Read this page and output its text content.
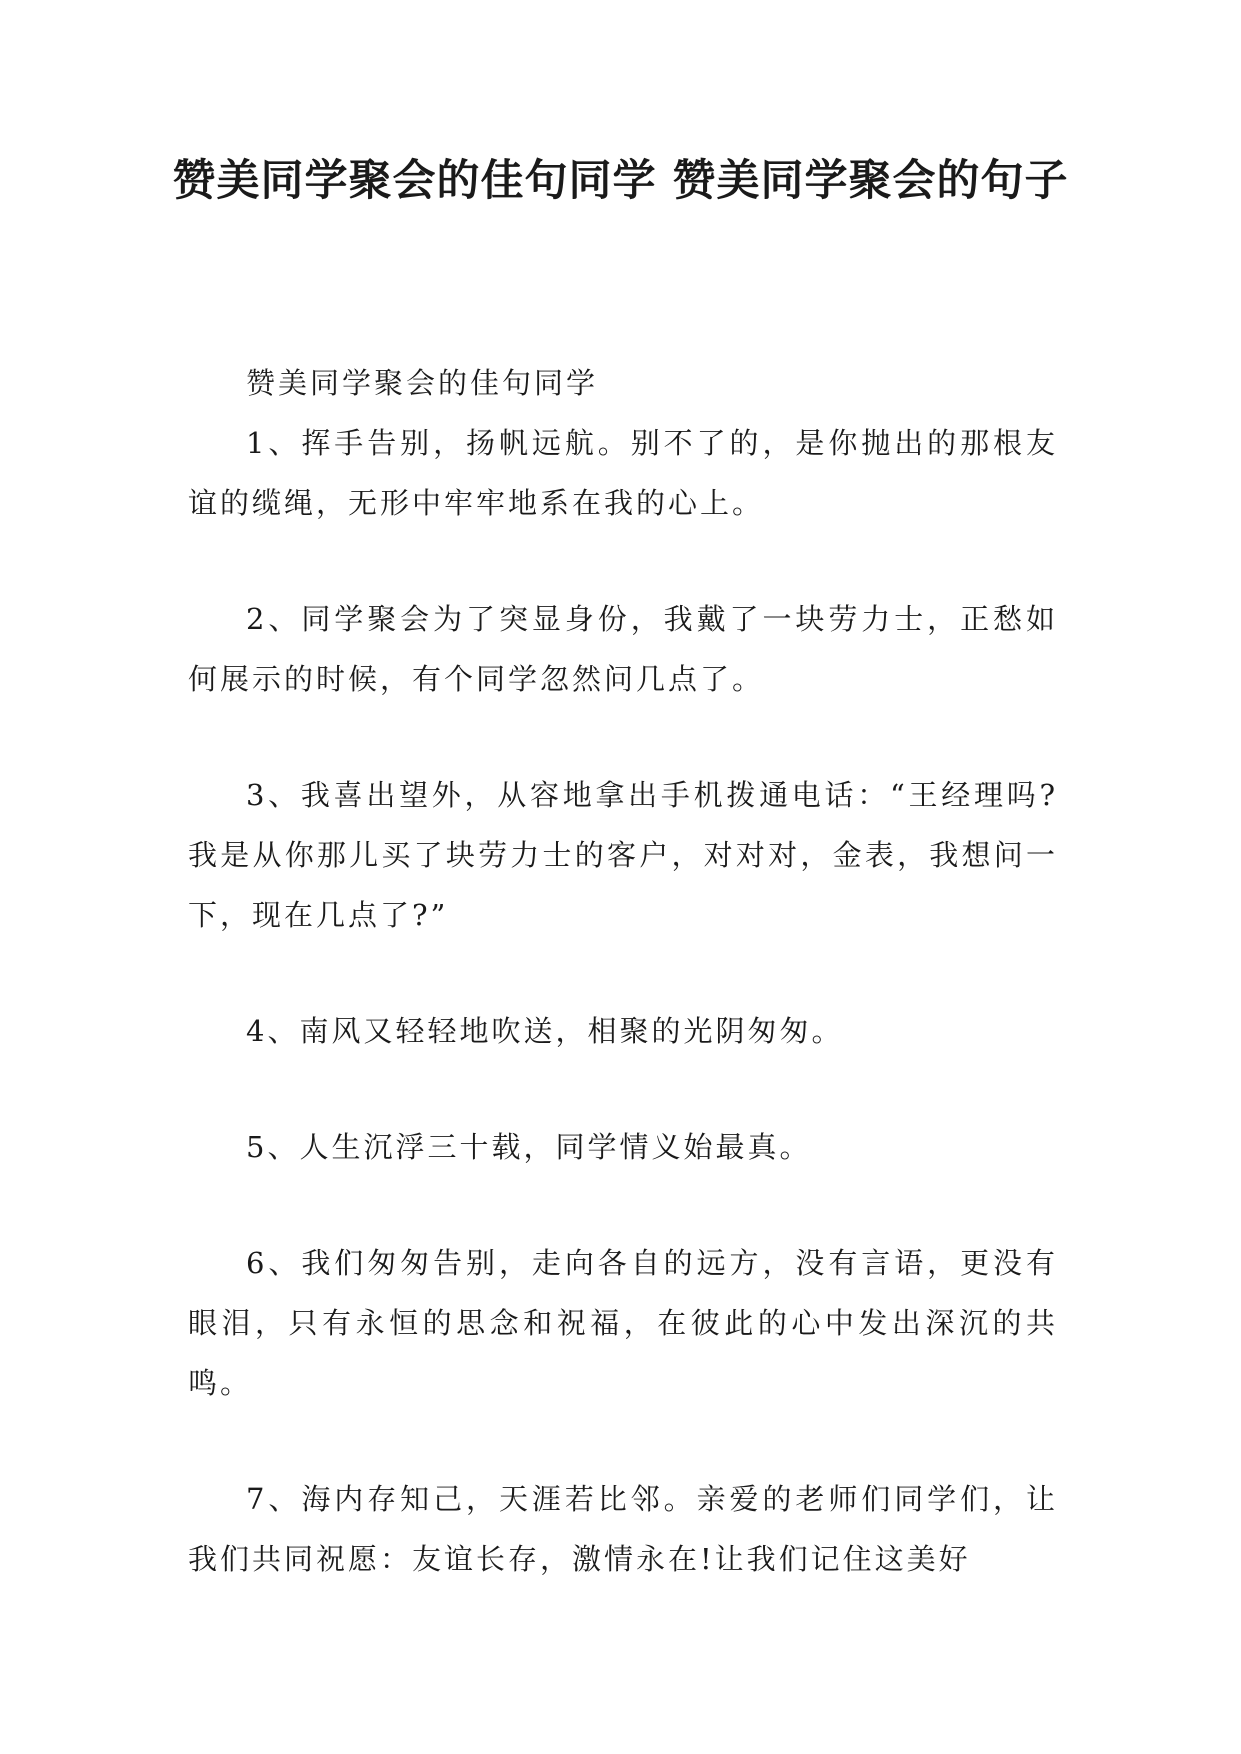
赞美同学聚会的佳句同学 赞美同学聚会的句子

赞美同学聚会的佳句同学

1、挥手告别，扬帆远航。别不了的，是你抛出的那根友谊的缆绳，无形中牢牢地系在我的心上。

2、同学聚会为了突显身份，我戴了一块劳力士，正愁如何展示的时候，有个同学忽然问几点了。

3、我喜出望外，从容地拿出手机拨通电话：“王经理吗?我是从你那儿买了块劳力士的客户，对对对，金表，我想问一下，现在几点了?”

4、南风又轻轻地吹送，相聚的光阴匆匆。

5、人生沉浮三十载，同学情义始最真。

6、我们匆匆告别，走向各自的远方，没有言语，更没有眼泪，只有永恒的思念和祝福，在彼此的心中发出深沉的共鸣。

7、海内存知己，天涯若比邻。亲爱的老师们同学们，让我们共同祝愿：友谊长存，激情永在!让我们记住这美好
